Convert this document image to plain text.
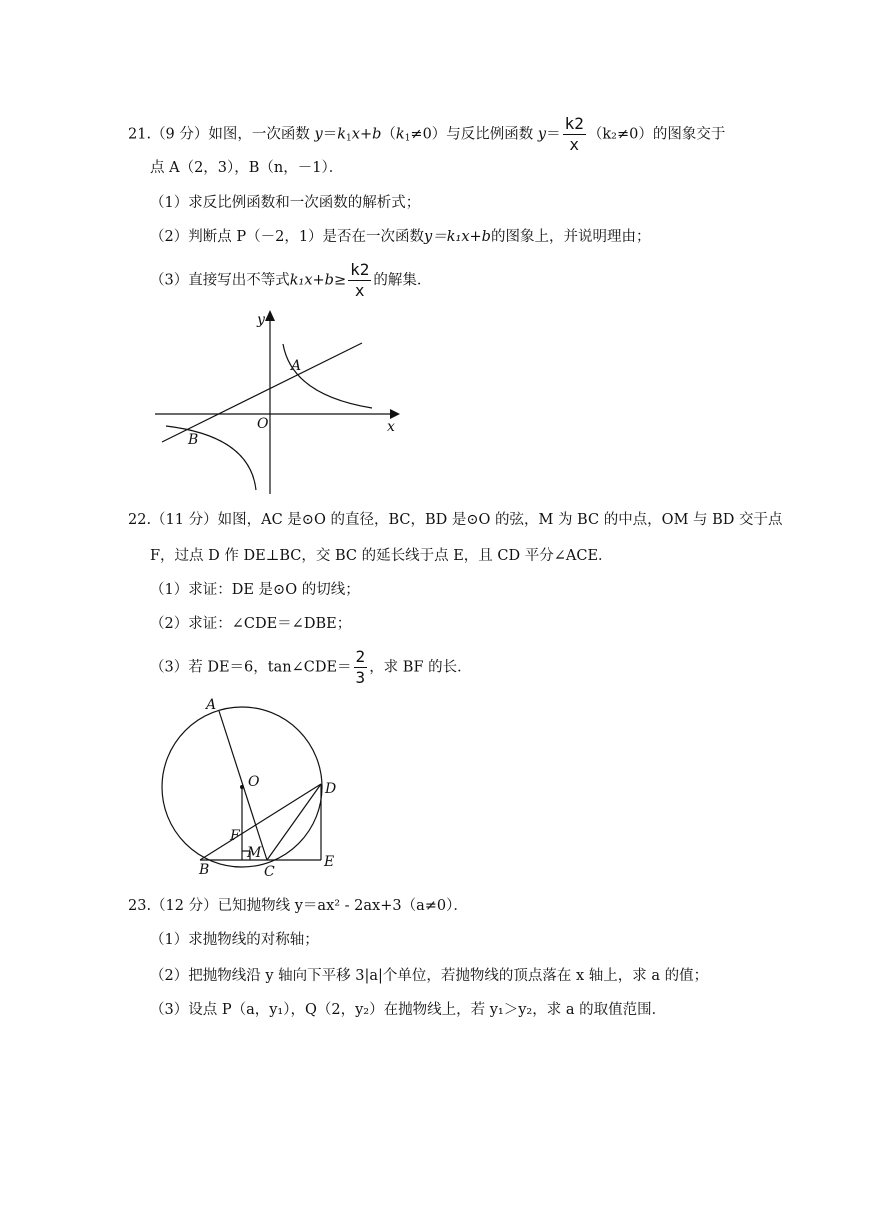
21.（9 分）如图，一次函数 $y=k_1x+b(k_1\ne 0)$与反比例函数 $y= \frac{k2}{x} (k_2\ne 0)$的图象交于
点 A（2，3），B（n，－1）．
（1）求反比例函数和一次函数的解析式；
（2）判断点 P（－2，1）是否在一次函数y＝k₁x+b的图象上，并说明理由；
（3）直接写出不等式$k_1x+b\ge \frac{k2}{x}$ 的解集．
y
x
O
A
B
22.（11 分）如图，AC 是⊙O 的直径，BC，BD 是⊙O 的弦，M 为 BC 的中点，OM 与 BD 交于点
F，过点 D 作 DE⊥BC，交 BC 的延长线于点 E，且 CD 平分∠ACE．
（1）求证：DE 是⊙O 的切线；
（2）求证：∠CDE＝∠DBE；
（3）若 DE＝6，tan∠CDE＝ $\frac{2}{3}$ ，求 BF 的长．
A
O	D
F
M
B	C
E
23.（12 分）已知抛物线 y＝ax² - 2ax+3（a≠0）．
（1）求抛物线的对称轴；
（2）把抛物线沿 y 轴向下平移 3|a|个单位，若抛物线的顶点落在 x 轴上，求 a 的值；
（3）设点 P（a，y₁），Q（2，y₂）在抛物线上，若 y₁＞y₂，求 a 的取值范围．
